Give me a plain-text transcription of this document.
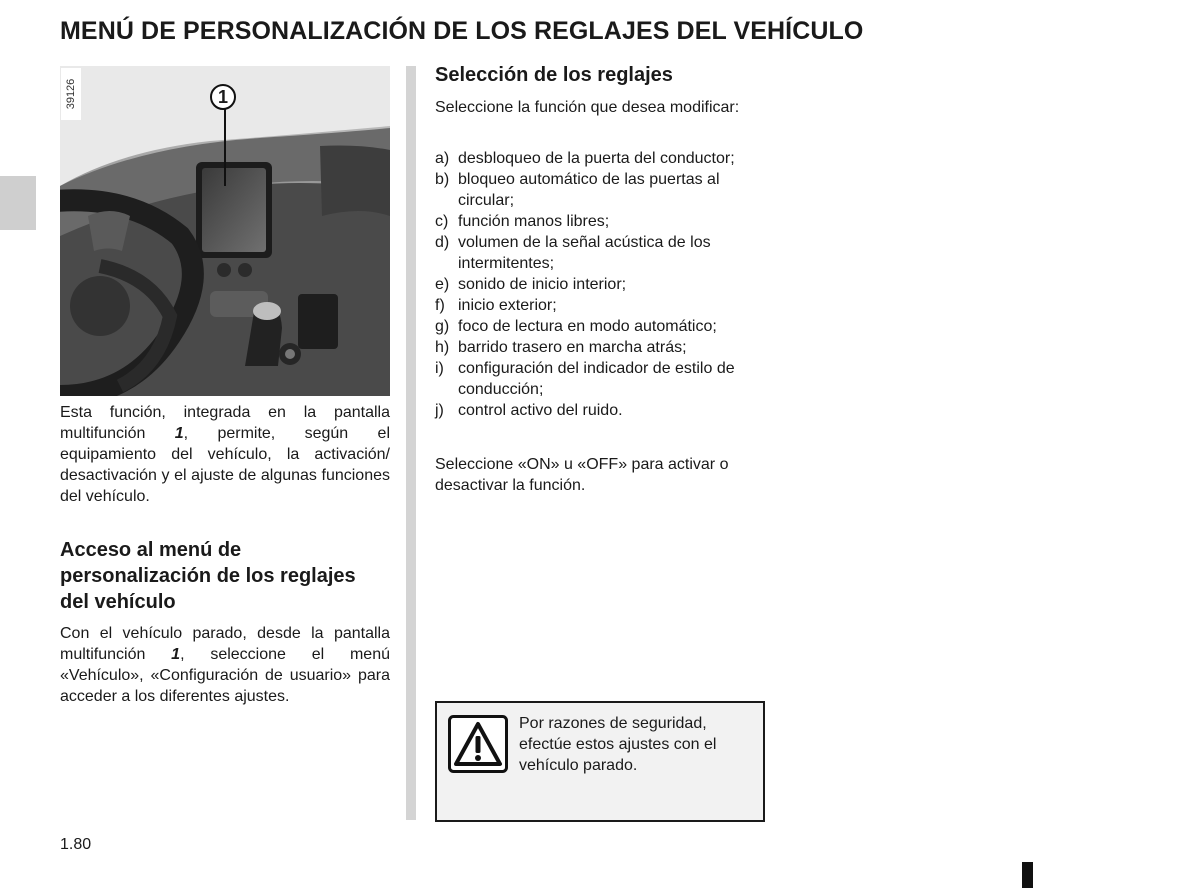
MENÚ DE PERSONALIZACIÓN DE LOS REGLAJES DEL VEHÍCULO
39126	1

Esta función, integrada en la pantalla multifunción 1, permite, según el equipamiento del vehículo, la activación/ desactivación y el ajuste de algunas funciones del vehículo.

Acceso al menú de personalización de los reglajes del vehículo

Con el vehículo parado, desde la pantalla multifunción 1, seleccione el menú «Vehículo», «Configuración de usuario» para acceder a los diferentes ajustes.

Selección de los reglajes

Seleccione la función que desea modificar:

a) desbloqueo de la puerta del conductor;
b) bloqueo automático de las puertas al circular;
c) función manos libres;
d) volumen de la señal acústica de los intermitentes;
e) sonido de inicio interior;
f) inicio exterior;
g) foco de lectura en modo automático;
h) barrido trasero en marcha atrás;
i) configuración del indicador de estilo de conducción;
j) control activo del ruido.

Seleccione «ON» u «OFF» para activar o desactivar la función.

Por razones de seguridad, efectúe estos ajustes con el vehículo parado.

1.80
